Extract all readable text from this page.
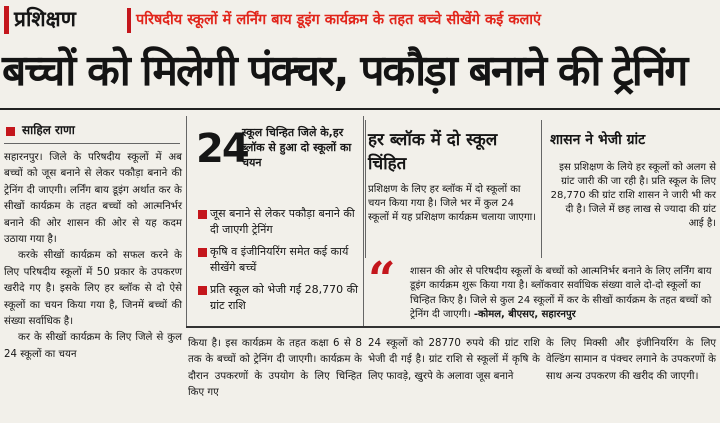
प्रशिक्षण	परिषदीय स्कूलों में लर्निंग बाय डूइंग कार्यक्रम के तहत बच्चे सीखेंगे कई कलाएं
बच्चों को मिलेगी पंक्चर, पकौड़ा बनाने की ट्रेनिंग
साहिल राणा

सहारनपुर। जिले के परिषदीय स्कूलों में अब बच्चों को जूस बनाने से लेकर पकौड़ा बनाने की ट्रेनिंग दी जाएगी। लर्निंग बाय डूइंग अर्थात कर के सीखों कार्यक्रम के तहत बच्चों को आत्मनिर्भर बनाने की ओर शासन की ओर से यह कदम उठाया गया है।

करके सीखों कार्यक्रम को सफल करने के लिए परिषदीय स्कूलों में 50 प्रकार के उपकरण खरीदे गए है। इसके लिए हर ब्लॉक से दो ऐसे स्कूलों का चयन किया गया है, जिनमें बच्चों की संख्या सर्वाधिक है।

कर के सीखों कार्यक्रम के लिए जिले से कुल 24 स्कूलों का चयन

24
स्कूल चिन्हित जिले के,हर ब्लॉक से हुआ दो स्कूलों का चयन
जूस बनाने से लेकर पकौड़ा बनाने की दी जाएगी ट्रेनिंग
कृषि व इंजीनियरिंग समेत कई कार्य सीखेंगे बच्चें
प्रति स्कूल को भेजी गई 28,770 की ग्रांट राशि
हर ब्लॉक में दो स्कूल चिंहित

प्रशिक्षण के लिए हर ब्लॉक में दो स्कूलों का चयन किया गया है। जिले भर में कुल 24 स्कूलों में यह प्रशिक्षण कार्यक्रम चलाया जाएगा।

शासन ने भेजी ग्रांट

इस प्रशिक्षण के लिये हर स्कूलों को अलग से ग्रांट जारी की जा रही है। प्रति स्कूल के लिए 28,770 की ग्रांट राशि शासन ने जारी भी कर दी है। जिले में छह लाख से ज्यादा की ग्रांट आई है।

“ शासन की ओर से परिषदीय स्कूलों के बच्चों को आत्मनिर्भर बनाने के लिए लर्निंग बाय डूइंग कार्यक्रम शुरू किया गया है। ब्लॉकवार सर्वाधिक संख्या वाले दो-दो स्कूलों का चिन्हित किए है। जिले से कुल 24 स्कूलों में कर के सीखों कार्यक्रम के तहत बच्चों को ट्रेनिंग दी जाएगी। -कोमल, बीएसए, सहारनपुर

किया है। इस कार्यक्रम के तहत कक्षा 6 से 8 तक के बच्चों को ट्रेनिंग दी जाएगी। कार्यक्रम के दौरान उपकरणों के उपयोग के लिए चिन्हित किए गए

24 स्कूलों को 28770 रुपये की ग्रांट राशि भेजी दी गई है। ग्रांट राशि से स्कूलों में कृषि के लिए फावड़े, खुरपे के अलावा जूस बनाने

के लिए मिक्सी और इंजीनियरिंग के लिए वेल्डिंग सामान व पंक्चर लगाने के उपकरणों के साथ अन्य उपकरण की खरीद की जाएगी।
